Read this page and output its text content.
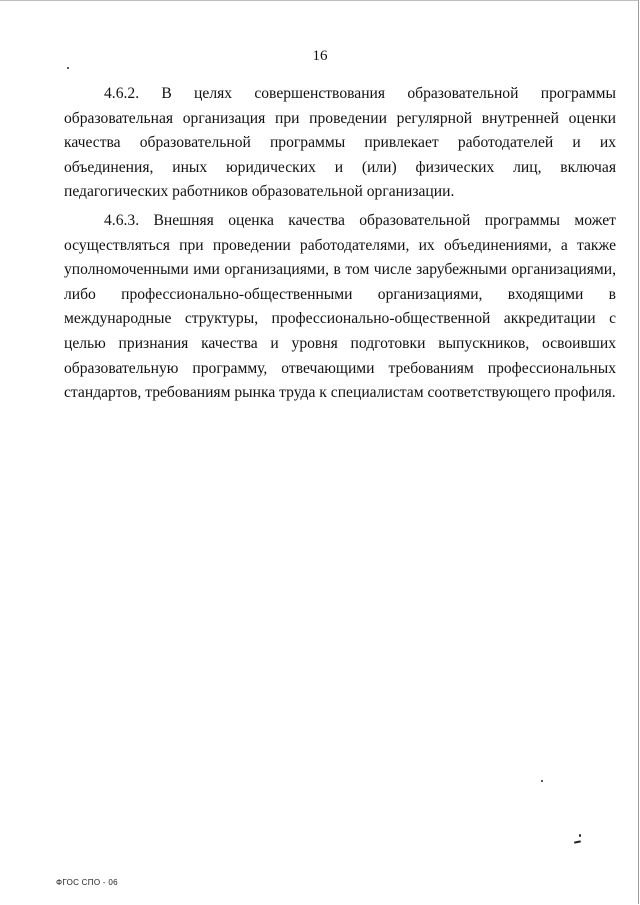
16

4.6.2. В целях совершенствования образовательной программы образовательная организация при проведении регулярной внутренней оценки качества образовательной программы привлекает работодателей и их объединения, иных юридических и (или) физических лиц, включая педагогических работников образовательной организации.

4.6.3. Внешняя оценка качества образовательной программы может осуществляться при проведении работодателями, их объединениями, а также уполномоченными ими организациями, в том числе зарубежными организациями, либо профессионально-общественными организациями, входящими в международные структуры, профессионально-общественной аккредитации с целью признания качества и уровня подготовки выпускников, освоивших образовательную программу, отвечающими требованиям профессиональных стандартов, требованиям рынка труда к специалистам соответствующего профиля.

ФГОС СПО - 06
